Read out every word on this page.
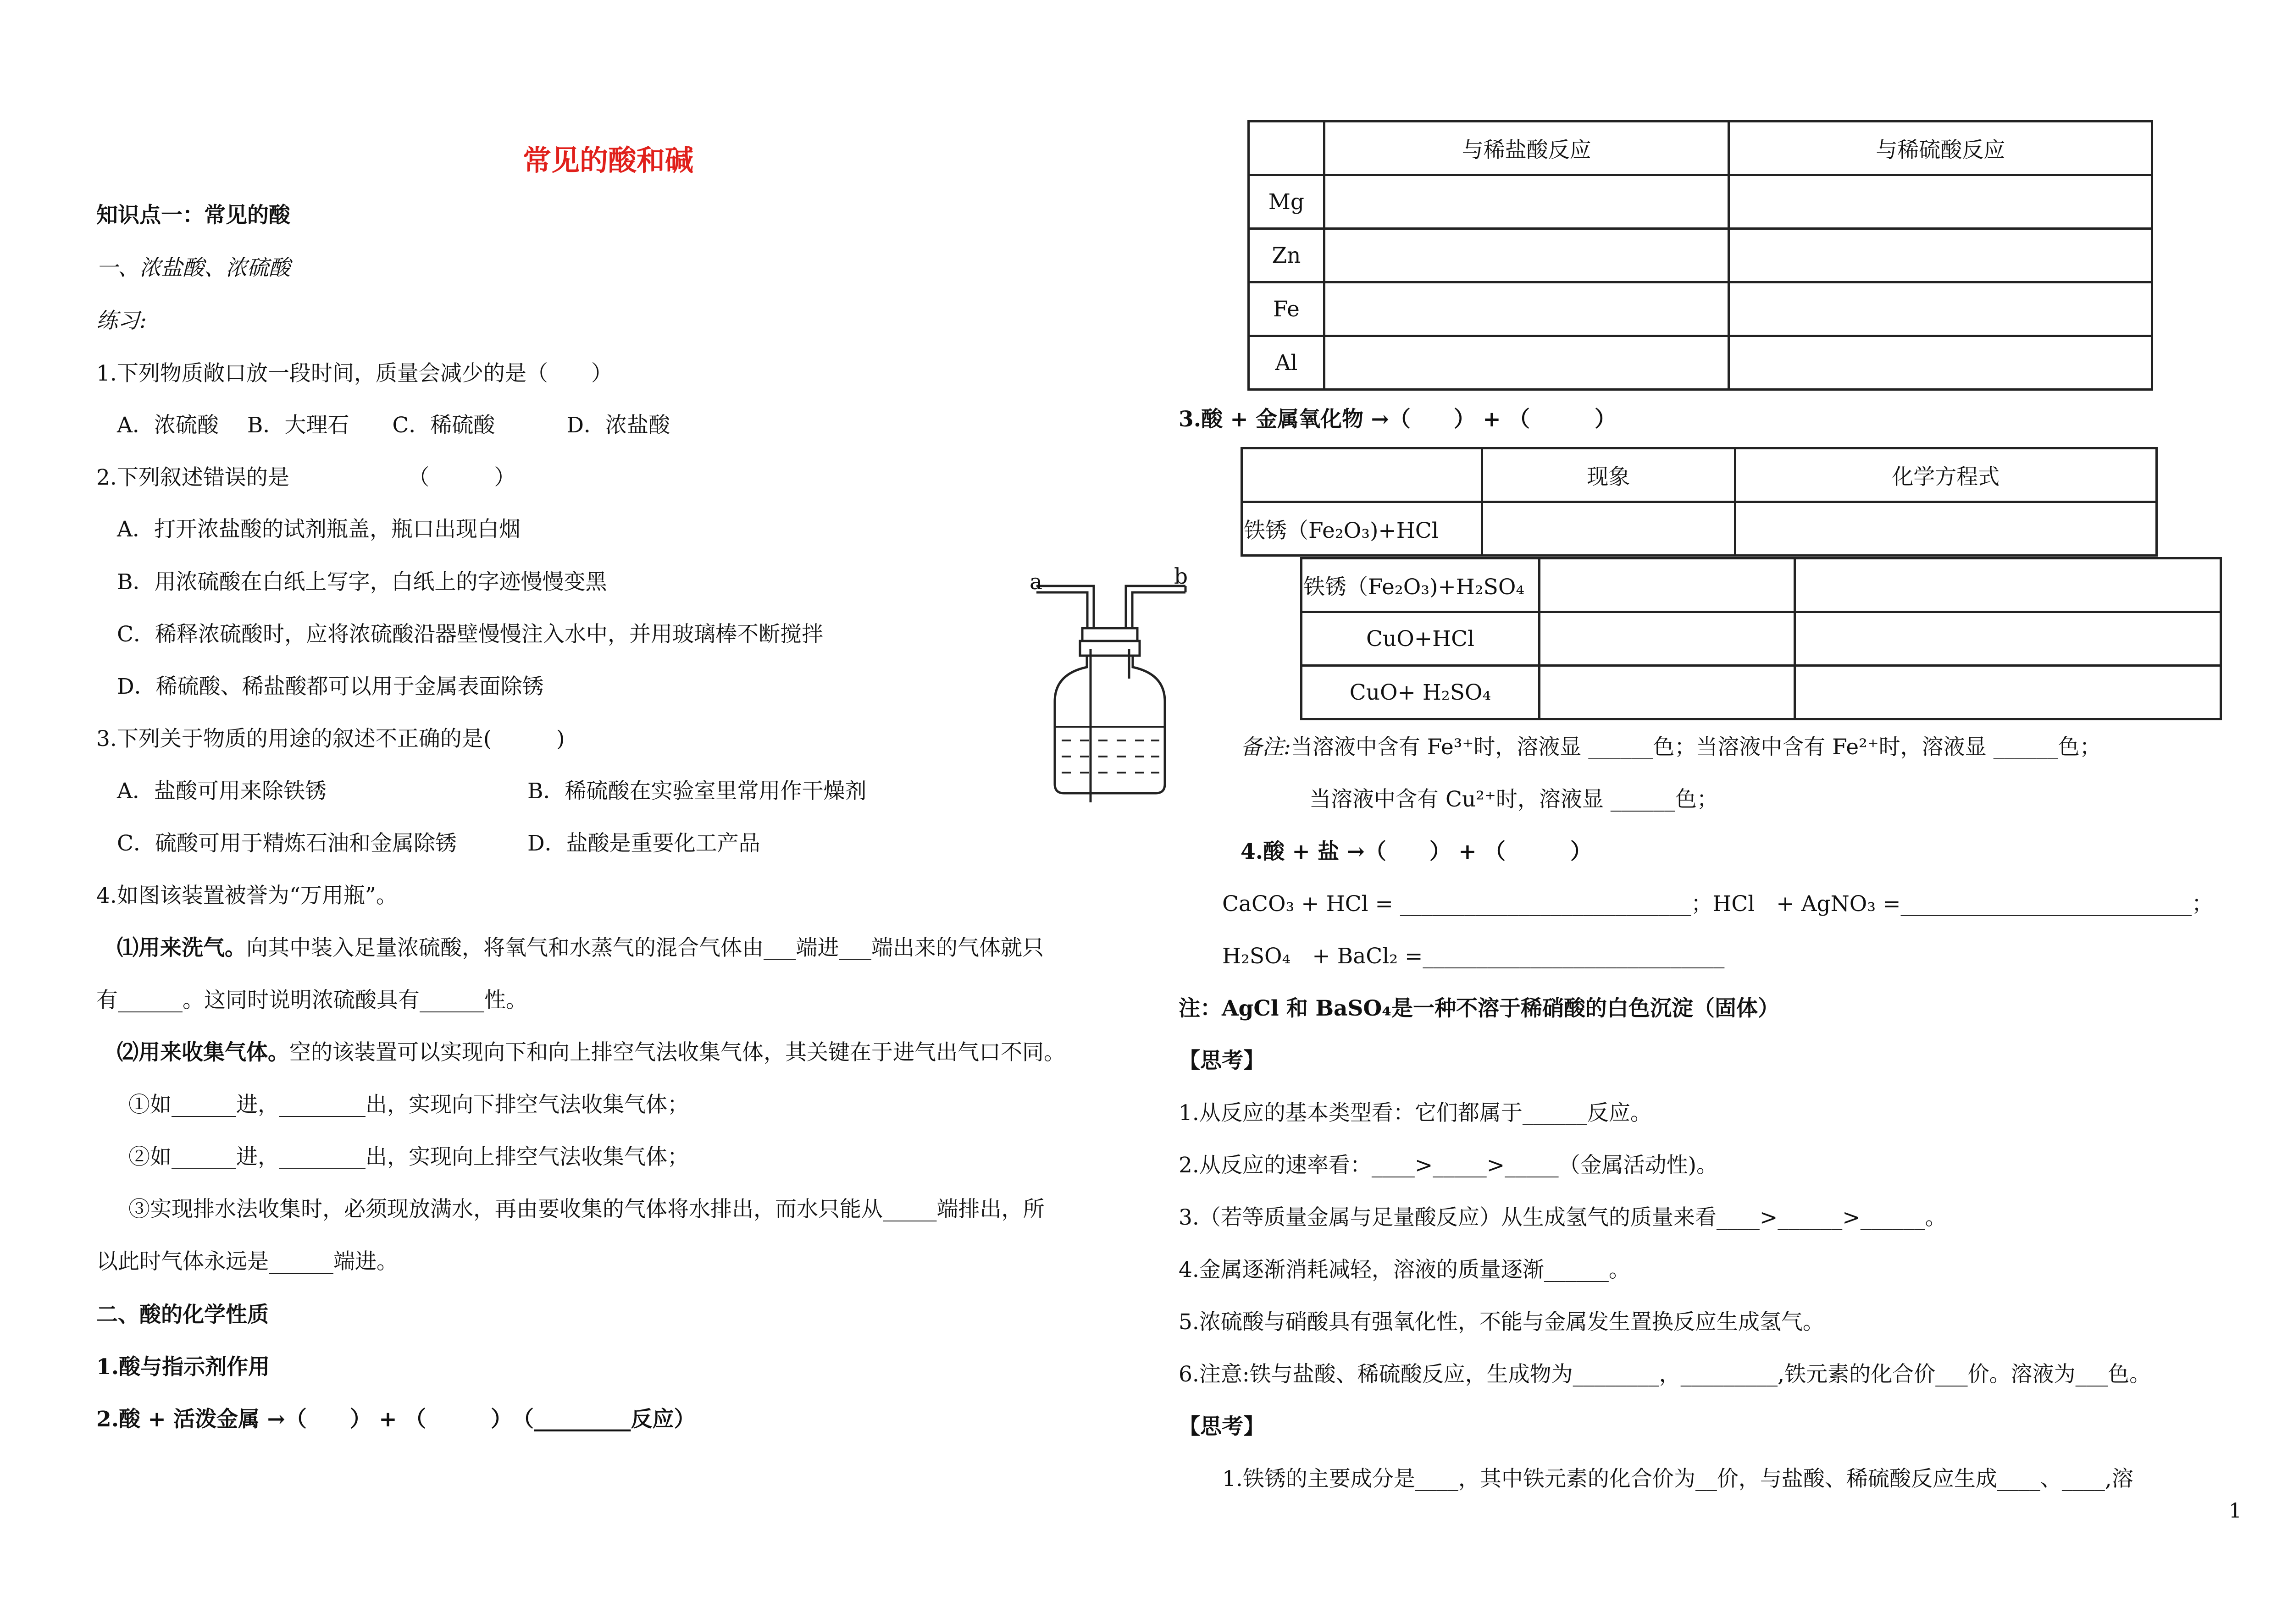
常见的酸和碱
知识点一：常见的酸
一、浓盐酸、浓硫酸
练习:
1.下列物质敞口放一段时间，质量会减少的是（　　）
A．浓硫酸　 B．大理石　　C．稀硫酸　　　 D．浓盐酸
2.下列叙述错误的是　　　　　　（　　　）
A．打开浓盐酸的试剂瓶盖，瓶口出现白烟
B．用浓硫酸在白纸上写字，白纸上的字迹慢慢变黑
C．稀释浓硫酸时，应将浓硫酸沿器壁慢慢注入水中，并用玻璃棒不断搅拌
D．稀硫酸、稀盐酸都可以用于金属表面除锈
3.下列关于物质的用途的叙述不正确的是(　　　)
A．盐酸可用来除铁锈	B．稀硫酸在实验室里常用作干燥剂
C．硫酸可用于精炼石油和金属除锈	D．盐酸是重要化工产品
4.如图该装置被誉为“万用瓶”。
⑴用来洗气。向其中装入足量浓硫酸，将氧气和水蒸气的混合气体由___端进___端出来的气体就只
有______。这同时说明浓硫酸具有______性。
⑵用来收集气体。空的该装置可以实现向下和向上排空气法收集气体，其关键在于进气出气口不同。
①如______进，________出，实现向下排空气法收集气体；
②如______进，________出，实现向上排空气法收集气体；
③实现排水法收集时，必须现放满水，再由要收集的气体将水排出，而水只能从_____端排出，所
以此时气体永远是______端进。
二、酸的化学性质
1.酸与指示剂作用
2.酸 + 活泼金属 →（　　） + （　　　）　（_________反应）
a	b
	与稀盐酸反应	与稀硫酸反应
Mg		
Zn		
Fe		
Al		
3.酸 + 金属氧化物 →（　　） + （　　　）
	现象	化学方程式
铁锈（Fe₂O₃)+HCl		
铁锈（Fe₂O₃)+H₂SO₄		
CuO+HCl		
CuO+ H₂SO₄		
备注:当溶液中含有 Fe³⁺时，溶液显 ______色；当溶液中含有 Fe²⁺时，溶液显 ______色；
当溶液中含有 Cu²⁺时，溶液显 ______色；
4.酸 + 盐 →（　　） + （　　　）
CaCO₃ + HCl = ___________________________；HCl　+ AgNO₃ =___________________________；
H₂SO₄　+ BaCl₂ =____________________________
注：AgCl 和 BaSO₄是一种不溶于稀硝酸的白色沉淀（固体）
【思考】
1.从反应的基本类型看：它们都属于______反应。
2.从反应的速率看：____>_____>_____（金属活动性)。
3.（若等质量金属与足量酸反应）从生成氢气的质量来看____>______>______。
4.金属逐渐消耗减轻，溶液的质量逐渐______。
5.浓硫酸与硝酸具有强氧化性，不能与金属发生置换反应生成氢气。
6.注意:铁与盐酸、稀硫酸反应，生成物为________，_________,铁元素的化合价___价。溶液为___色。
【思考】
1.铁锈的主要成分是____，其中铁元素的化合价为__价，与盐酸、稀硫酸反应生成____、____,溶
1
